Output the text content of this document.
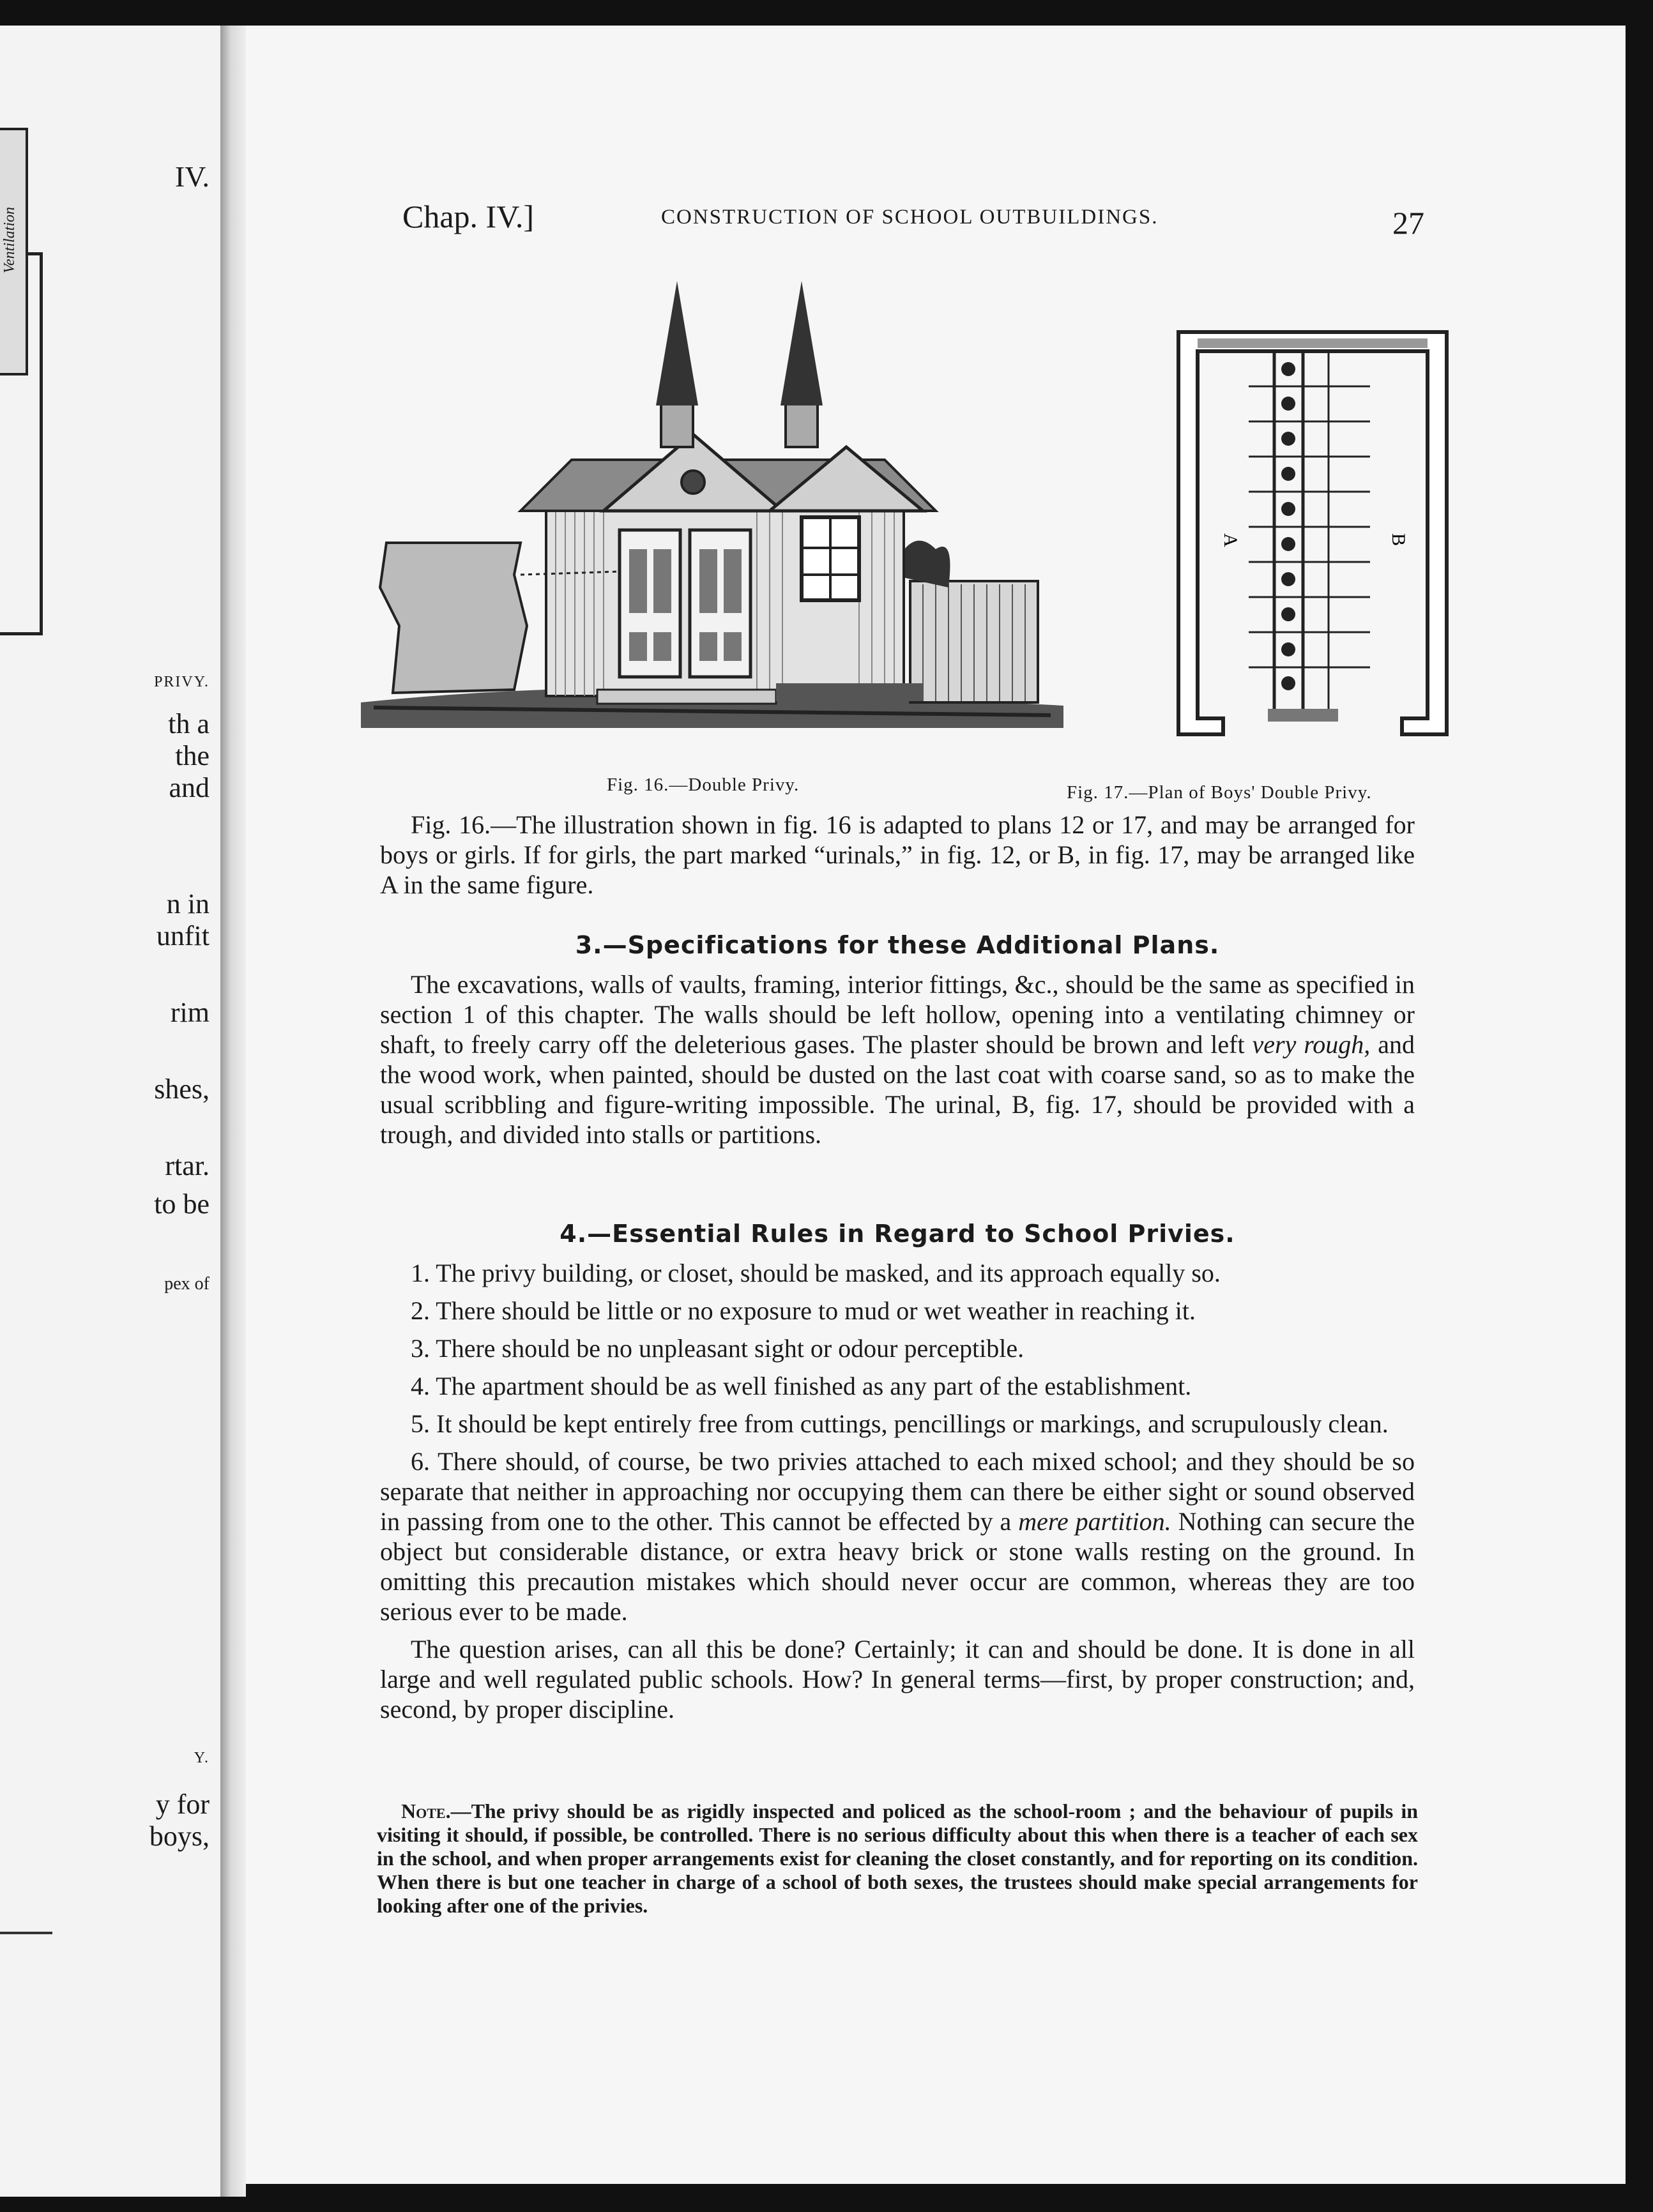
IV.
Ventilation
PRIVY.
th a
the
and
n in
unfit
rim
shes,
rtar.
to be
pex of
Y.
y for
boys,
Chap. IV.]	CONSTRUCTION OF SCHOOL OUTBUILDINGS.	27
A	B
Fig. 16.—Double Privy.	Fig. 17.—Plan of Boys' Double Privy.

Fig. 16.—The illustration shown in fig. 16 is adapted to plans 12 or 17, and may be arranged for boys or girls. If for girls, the part marked “urinals,” in fig. 12, or B, in fig. 17, may be arranged like A in the same figure.

3.—Specifications for these Additional Plans.

The excavations, walls of vaults, framing, interior fittings, &c., should be the same as specified in section 1 of this chapter. The walls should be left hollow, opening into a ventilating chimney or shaft, to freely carry off the deleterious gases. The plaster should be brown and left very rough, and the wood work, when painted, should be dusted on the last coat with coarse sand, so as to make the usual scribbling and figure-writing impossible. The urinal, B, fig. 17, should be provided with a trough, and divided into stalls or partitions.

4.—Essential Rules in Regard to School Privies.

1. The privy building, or closet, should be masked, and its approach equally so.

2. There should be little or no exposure to mud or wet weather in reaching it.

3. There should be no unpleasant sight or odour perceptible.

4. The apartment should be as well finished as any part of the establishment.

5. It should be kept entirely free from cuttings, pencillings or markings, and scrupulously clean.

6. There should, of course, be two privies attached to each mixed school; and they should be so separate that neither in approaching nor occupying them can there be either sight or sound observed in passing from one to the other. This cannot be effected by a mere partition. Nothing can secure the object but considerable distance, or extra heavy brick or stone walls resting on the ground. In omitting this precaution mistakes which should never occur are common, whereas they are too serious ever to be made.

The question arises, can all this be done? Certainly; it can and should be done. It is done in all large and well regulated public schools. How? In general terms—first, by proper construction; and, second, by proper discipline.

Note.—The privy should be as rigidly inspected and policed as the school-room ; and the behaviour of pupils in visiting it should, if possible, be controlled. There is no serious difficulty about this when there is a teacher of each sex in the school, and when proper arrangements exist for cleaning the closet constantly, and for reporting on its condition. When there is but one teacher in charge of a school of both sexes, the trustees should make special arrangements for looking after one of the privies.
